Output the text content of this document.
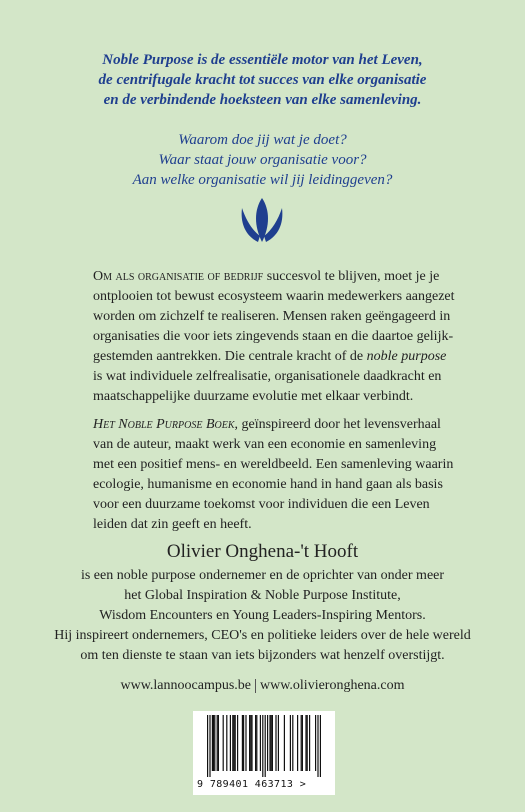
Noble Purpose is de essentiële motor van het Leven,
de centrifugale kracht tot succes van elke organisatie
en de verbindende hoeksteen van elke samenleving.
Waarom doe jij wat je doet?
Waar staat jouw organisatie voor?
Aan welke organisatie wil jij leidinggeven?
Om als organisatie of bedrijf succesvol te blijven, moet je je
ontplooien tot bewust ecosysteem waarin medewerkers aangezet
worden om zichzelf te realiseren. Mensen raken geëngageerd in
organisaties die voor iets zingevends staan en die daartoe gelijk-
gestemden aantrekken. Die centrale kracht of de noble purpose
is wat individuele zelfrealisatie, organisationele daadkracht en
maatschappelijke duurzame evolutie met elkaar verbindt.
Het Noble Purpose Boek, geïnspireerd door het levensverhaal
van de auteur, maakt werk van een economie en samenleving
met een positief mens- en wereldbeeld. Een samenleving waarin
ecologie, humanisme en economie hand in hand gaan als basis
voor een duurzame toekomst voor individuen die een Leven
leiden dat zin geeft en heeft.
Olivier Onghena-'t Hooft
is een noble purpose ondernemer en de oprichter van onder meer
het Global Inspiration & Noble Purpose Institute,
Wisdom Encounters en Young Leaders-Inspiring Mentors.
Hij inspireert ondernemers, CEO's en politieke leiders over de hele wereld
om ten dienste te staan van iets bijzonders wat henzelf overstijgt.
www.lannoocampus.be www.olivieronghena.com
9 789401 463713 >
